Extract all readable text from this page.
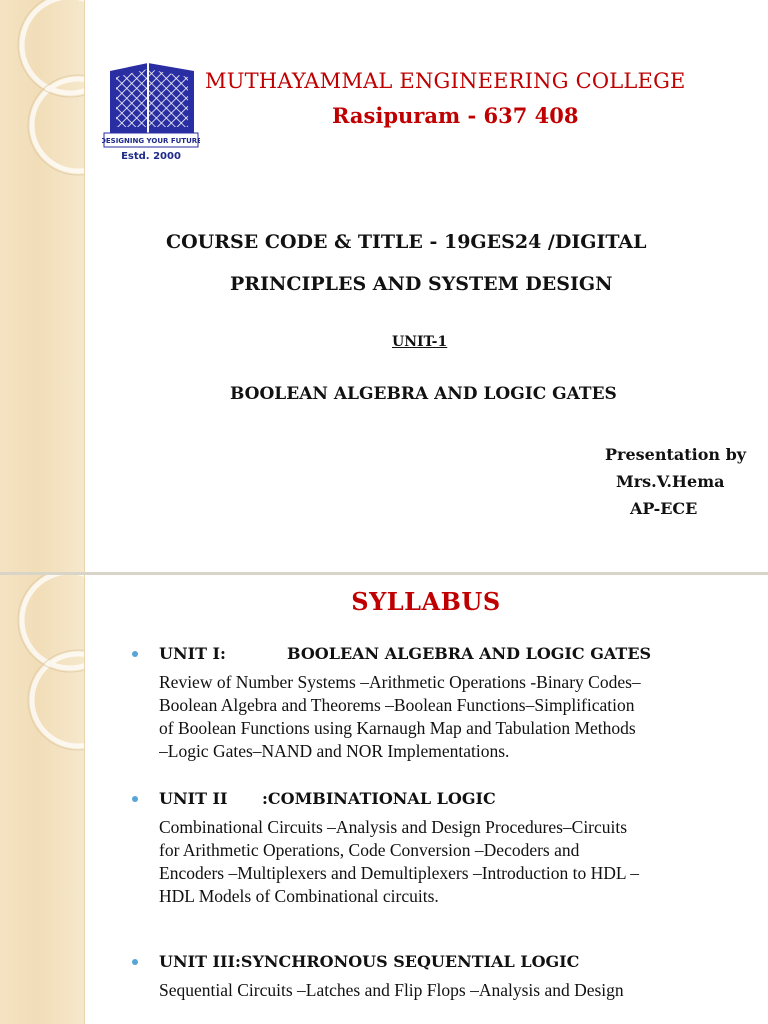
DESIGNING YOUR FUTURE
Estd. 2000
MUTHAYAMMAL ENGINEERING COLLEGE
Rasipuram - 637 408
COURSE CODE & TITLE - 19GES24 /DIGITAL
PRINCIPLES AND SYSTEM DESIGN
UNIT-1
BOOLEAN ALGEBRA AND LOGIC GATES
Presentation by
Mrs.V.Hema
AP-ECE
SYLLABUS
UNIT I:	BOOLEAN ALGEBRA AND LOGIC GATES
Review of Number Systems –Arithmetic Operations -Binary Codes–
Boolean Algebra and Theorems –Boolean Functions–Simplification
of Boolean Functions using Karnaugh Map and Tabulation Methods
–Logic Gates–NAND and NOR Implementations.
UNIT II :COMBINATIONAL LOGIC
Combinational Circuits –Analysis and Design Procedures–Circuits
for Arithmetic Operations, Code Conversion –Decoders and
Encoders –Multiplexers and Demultiplexers –Introduction to HDL –
HDL Models of Combinational circuits.
UNIT III:SYNCHRONOUS SEQUENTIAL LOGIC
Sequential Circuits –Latches and Flip Flops –Analysis and Design
